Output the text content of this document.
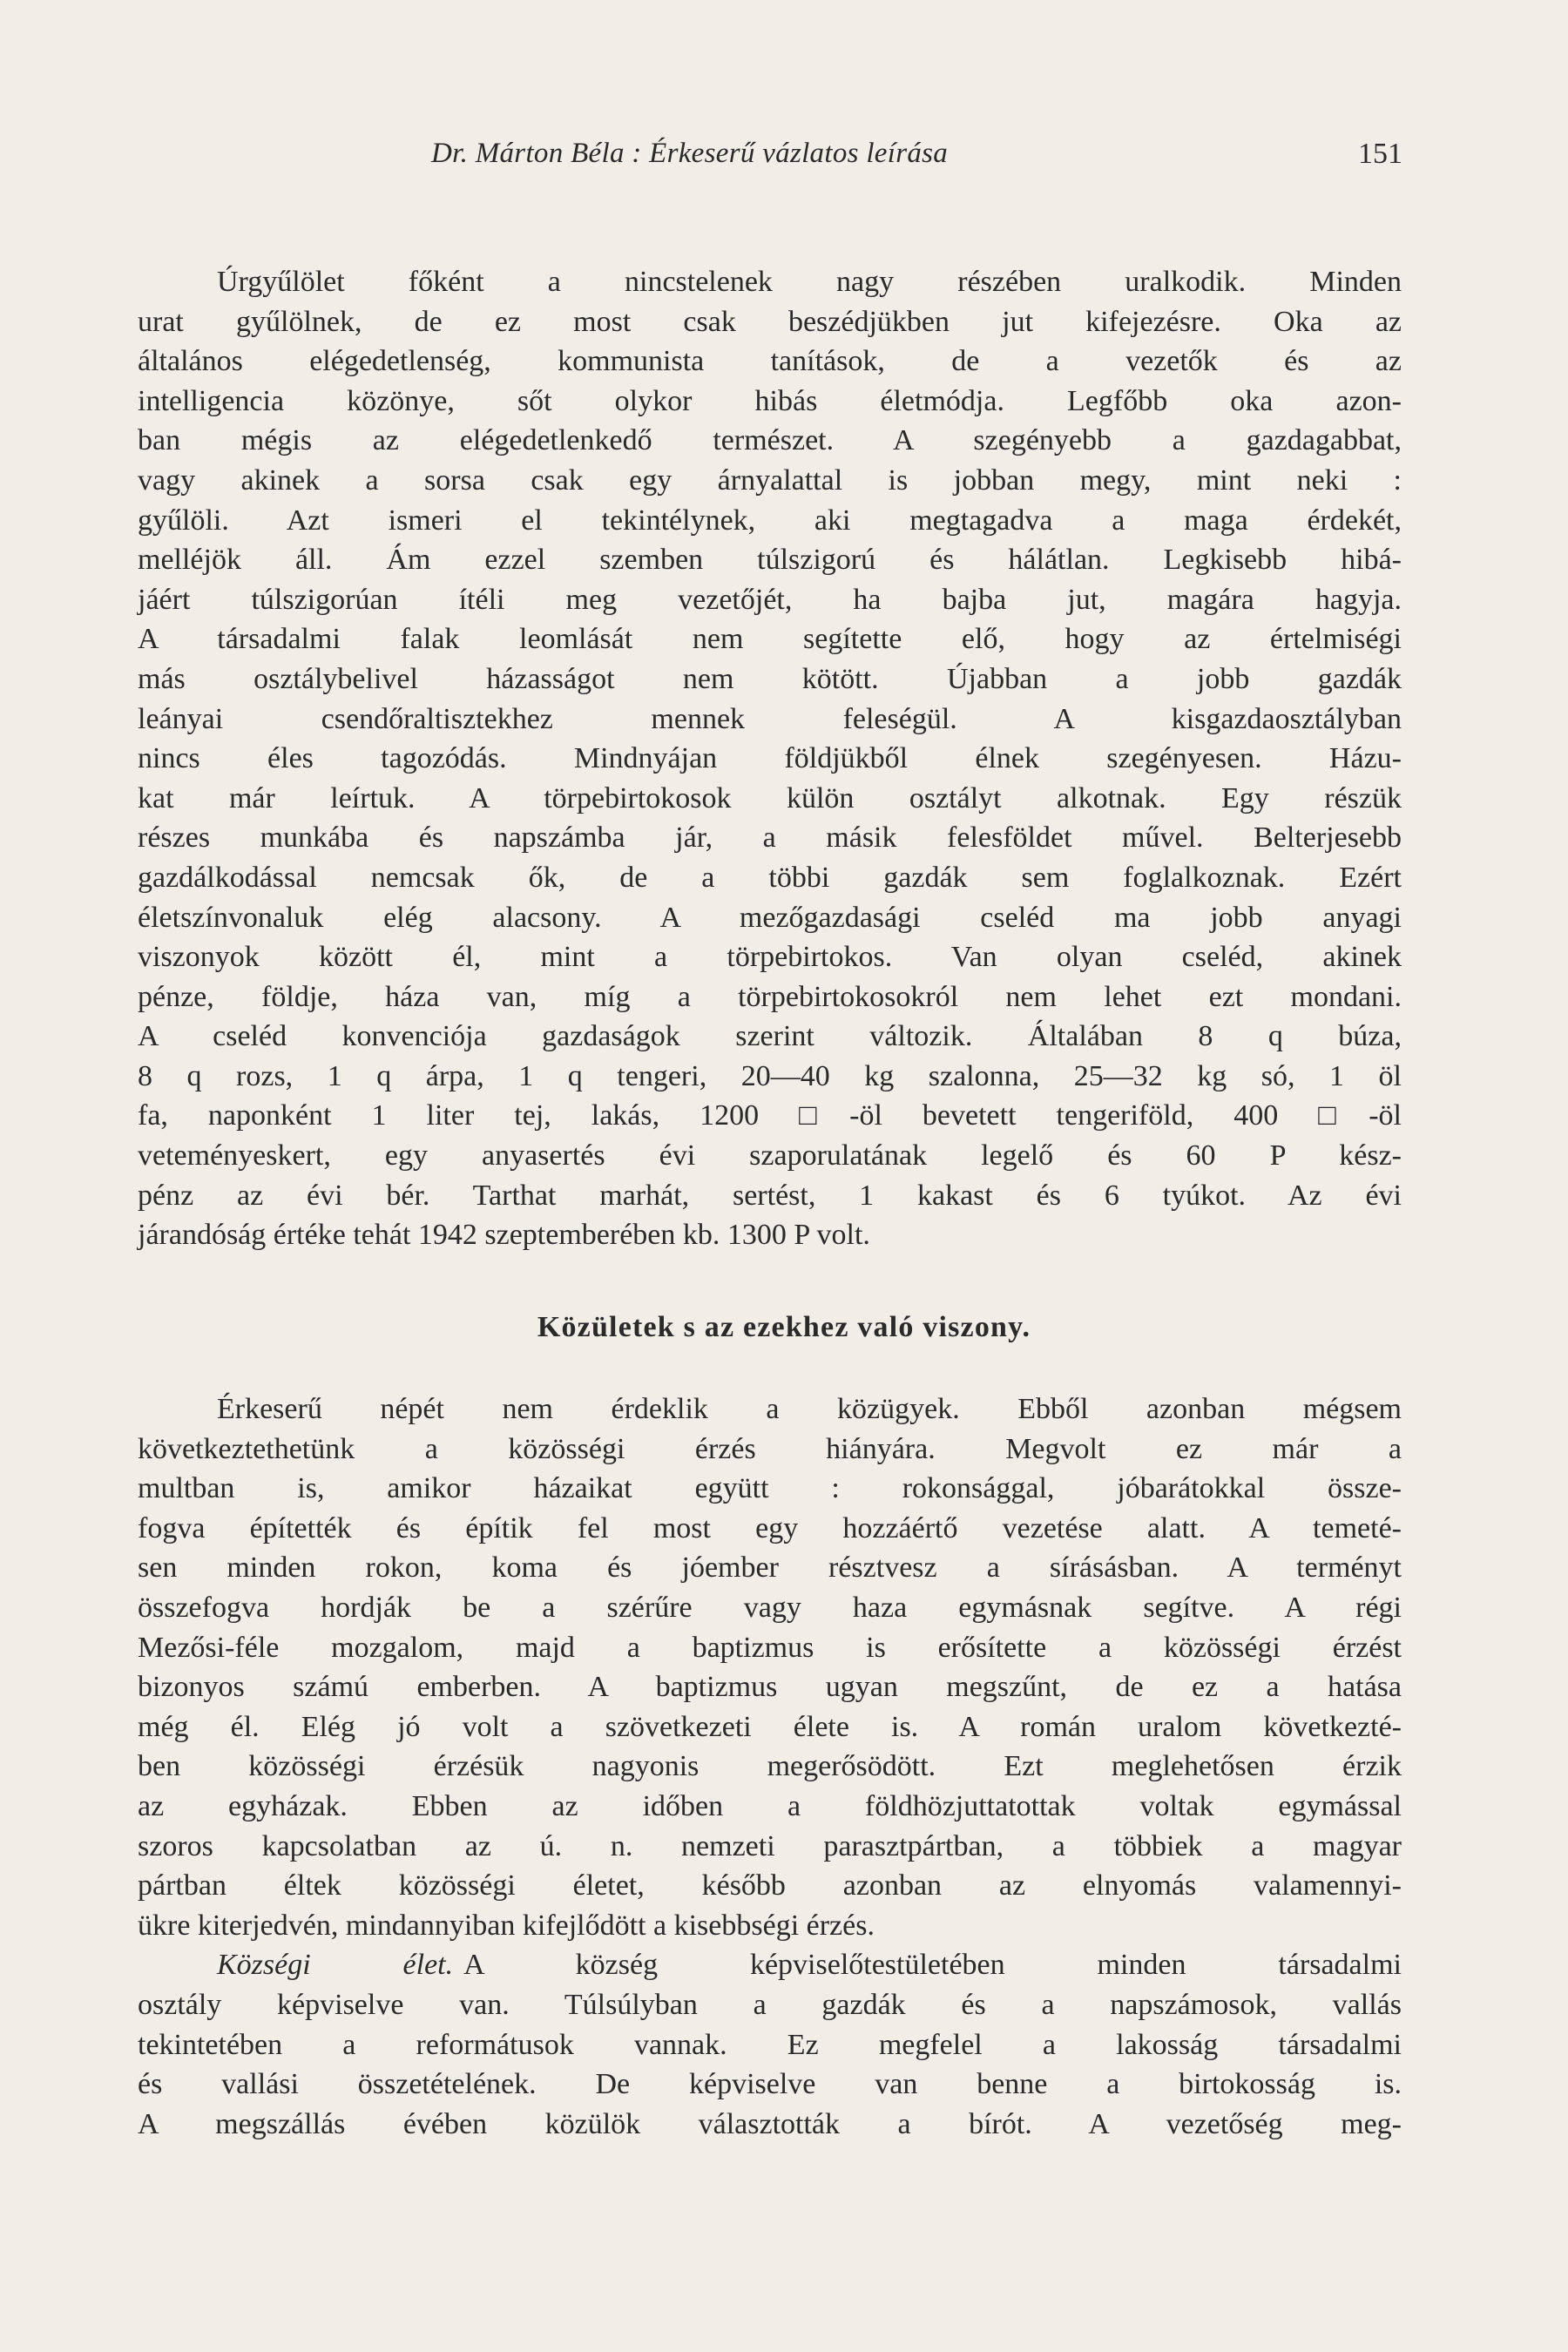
Dr. Márton Béla : Érkeserű vázlatos leírása	151
Úrgyűlölet főként a nincstelenek nagy részében uralkodik. Minden
urat gyűlölnek, de ez most csak beszédjükben jut kifejezésre. Oka az
általános elégedetlenség, kommunista tanítások, de a vezetők és az
intelligencia közönye, sőt olykor hibás életmódja. Legfőbb oka azon-
ban mégis az elégedetlenkedő természet. A szegényebb a gazdagabbat,
vagy akinek a sorsa csak egy árnyalattal is jobban megy, mint neki :
gyűlöli. Azt ismeri el tekintélynek, aki megtagadva a maga érdekét,
melléjök áll. Ám ezzel szemben túlszigorú és hálátlan. Legkisebb hibá-
jáért túlszigorúan ítéli meg vezetőjét, ha bajba jut, magára hagyja.
A társadalmi falak leomlását nem segítette elő, hogy az értelmiségi
más osztálybelivel házasságot nem kötött. Újabban a jobb gazdák
leányai csendőraltisztekhez mennek feleségül. A kisgazdaosztályban
nincs éles tagozódás. Mindnyájan földjükből élnek szegényesen. Házu-
kat már leírtuk. A törpebirtokosok külön osztályt alkotnak. Egy részük
részes munkába és napszámba jár, a másik felesföldet művel. Belterjesebb
gazdálkodással nemcsak ők, de a többi gazdák sem foglalkoznak. Ezért
életszínvonaluk elég alacsony. A mezőgazdasági cseléd ma jobb anyagi
viszonyok között él, mint a törpebirtokos. Van olyan cseléd, akinek
pénze, földje, háza van, míg a törpebirtokosokról nem lehet ezt mondani.
A cseléd konvenciója gazdaságok szerint változik. Általában 8 q búza,
8 q rozs, 1 q árpa, 1 q tengeri, 20—40 kg szalonna, 25—32 kg só, 1 öl
fa, naponként 1 liter tej, lakás, 1200 □-öl bevetett tengeriföld, 400 □-öl
veteményeskert, egy anyasertés évi szaporulatának legelő és 60 P kész-
pénz az évi bér. Tarthat marhát, sertést, 1 kakast és 6 tyúkot. Az évi
járandóság értéke tehát 1942 szeptemberében kb. 1300 P volt.
Közületek s az ezekhez való viszony.
Érkeserű népét nem érdeklik a közügyek. Ebből azonban mégsem
következtethetünk a közösségi érzés hiányára. Megvolt ez már a
multban is, amikor házaikat együtt : rokonsággal, jóbarátokkal össze-
fogva építették és építik fel most egy hozzáértő vezetése alatt. A temeté-
sen minden rokon, koma és jóember résztvesz a sírásásban. A terményt
összefogva hordják be a szérűre vagy haza egymásnak segítve. A régi
Mezősi-féle mozgalom, majd a baptizmus is erősítette a közösségi érzést
bizonyos számú emberben. A baptizmus ugyan megszűnt, de ez a hatása
még él. Elég jó volt a szövetkezeti élete is. A román uralom következté-
ben közösségi érzésük nagyonis megerősödött. Ezt meglehetősen érzik
az egyházak. Ebben az időben a földhözjuttatottak voltak egymással
szoros kapcsolatban az ú. n. nemzeti parasztpártban, a többiek a magyar
pártban éltek közösségi életet, később azonban az elnyomás valamennyi-
ükre kiterjedvén, mindannyiban kifejlődött a kisebbségi érzés.
Községi élet. A község képviselőtestületében minden társadalmi
osztály képviselve van. Túlsúlyban a gazdák és a napszámosok, vallás
tekintetében a reformátusok vannak. Ez megfelel a lakosság társadalmi
és vallási összetételének. De képviselve van benne a birtokosság is.
A megszállás évében közülök választották a bírót. A vezetőség meg-
